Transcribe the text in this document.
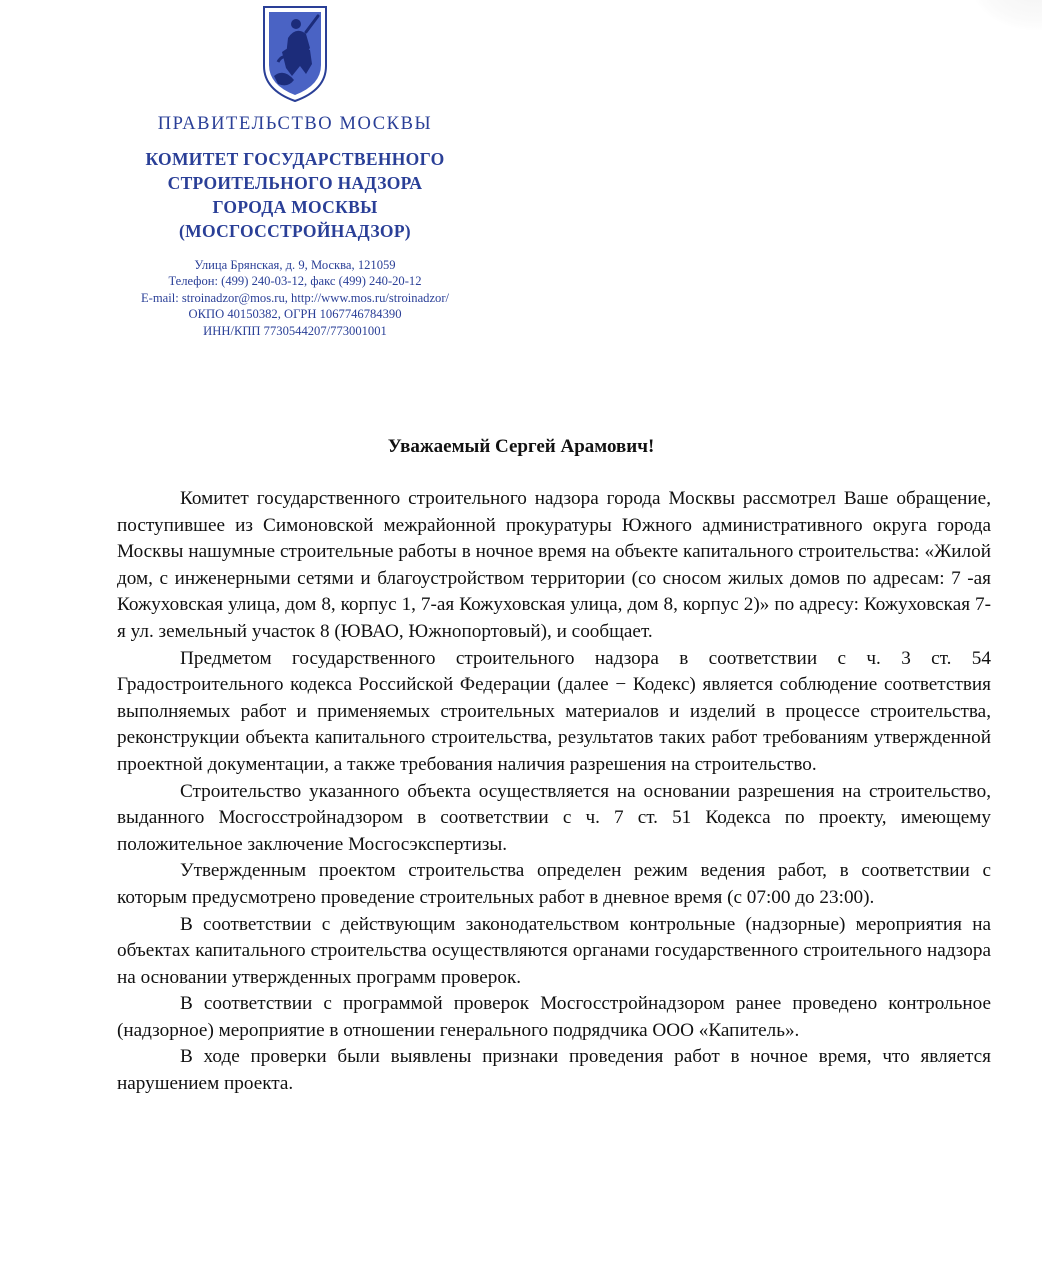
ПРАВИТЕЛЬСТВО МОСКВЫ
КОМИТЕТ ГОСУДАРСТВЕННОГО
СТРОИТЕЛЬНОГО НАДЗОРА
ГОРОДА МОСКВЫ
(МОСГОССТРОЙНАДЗОР)
Улица Брянская, д. 9, Москва, 121059
Телефон: (499) 240-03-12, факс (499) 240-20-12
E-mail: stroinadzor@mos.ru, http://www.mos.ru/stroinadzor/
ОКПО 40150382, ОГРН 1067746784390
ИНН/КПП 7730544207/773001001
Уважаемый Сергей Арамович!

Комитет государственного строительного надзора города Москвы рассмотрел Ваше обращение, поступившее из Симоновской межрайонной прокуратуры Южного административного округа города Москвы нашумные строительные работы в ночное время на объекте капитального строительства: «Жилой дом, с инженерными сетями и благоустройством территории (со сносом жилых домов по адресам: 7 -ая Кожуховская улица, дом 8, корпус 1, 7-ая Кожуховская улица, дом 8, корпус 2)» по адресу: Кожуховская 7-я ул. земельный участок 8 (ЮВАО, Южнопортовый), и сообщает.

Предметом государственного строительного надзора в соответствии с ч. 3 ст. 54 Градостроительного кодекса Российской Федерации (далее − Кодекс) является соблюдение соответствия выполняемых работ и применяемых строительных материалов и изделий в процессе строительства, реконструкции объекта капитального строительства, результатов таких работ требованиям утвержденной проектной документации, а также требования наличия разрешения на строительство.

Строительство указанного объекта осуществляется на основании разрешения на строительство, выданного Мосгосстройнадзором в соответствии с ч. 7 ст. 51 Кодекса по проекту, имеющему положительное заключение Мосгосэкспертизы.

Утвержденным проектом строительства определен режим ведения работ, в соответствии с которым предусмотрено проведение строительных работ в дневное время (с 07:00 до 23:00).

В соответствии с действующим законодательством контрольные (надзорные) мероприятия на объектах капитального строительства осуществляются органами государственного строительного надзора на основании утвержденных программ проверок.

В соответствии с программой проверок Мосгосстройнадзором ранее проведено контрольное (надзорное) мероприятие в отношении генерального подрядчика ООО «Капитель».

В ходе проверки были выявлены признаки проведения работ в ночное время, что является нарушением проекта.
